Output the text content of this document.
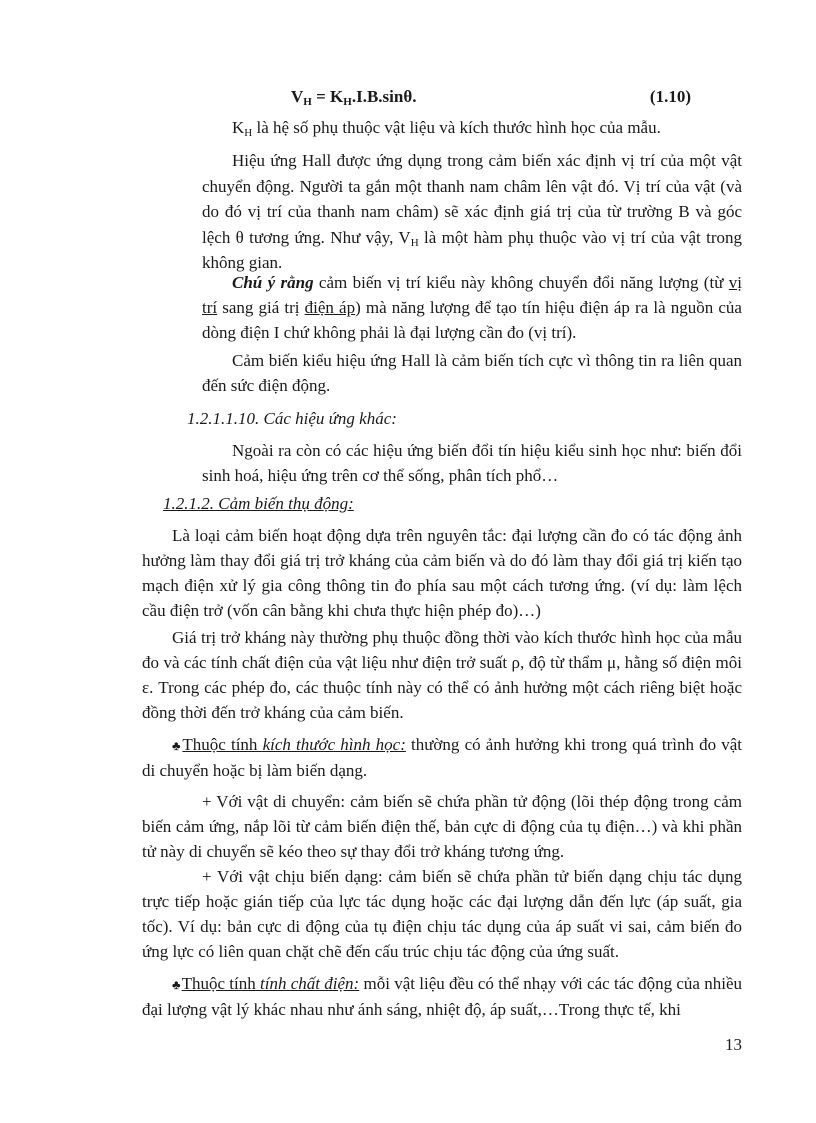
$V_H = K_H.I.B.\sin\theta$.	(1.10)
$K_H$ là hệ số phụ thuộc vật liệu và kích thước hình học của mẫu.
Hiệu ứng Hall được ứng dụng trong cảm biến xác định vị trí của một vật chuyển động. Người ta gắn một thanh nam châm lên vật đó. Vị trí của vật (và do đó vị trí của thanh nam châm) sẽ xác định giá trị của từ trường B và góc lệch θ tương ứng. Như vậy, $V_H$ là một hàm phụ thuộc vào vị trí của vật trong không gian.
Chú ý rằng cảm biến vị trí kiểu này không chuyển đổi năng lượng (từ vị trí sang giá trị điện áp) mà năng lượng để tạo tín hiệu điện áp ra là nguồn của dòng điện I chứ không phải là đại lượng cần đo (vị trí).
Cảm biến kiểu hiệu ứng Hall là cảm biến tích cực vì thông tin ra liên quan đến sức điện động.
1.2.1.1.10. Các hiệu ứng khác:
Ngoài ra còn có các hiệu ứng biến đổi tín hiệu kiểu sinh học như: biến đổi sinh hoá, hiệu ứng trên cơ thể sống, phân tích phổ…
1.2.1.2. Cảm biến thụ động:
Là loại cảm biến hoạt động dựa trên nguyên tắc: đại lượng cần đo có tác động ảnh hưởng làm thay đổi giá trị trở kháng của cảm biến và do đó làm thay đổi giá trị kiến tạo mạch điện xử lý gia công thông tin đo phía sau một cách tương ứng. (ví dụ: làm lệch cầu điện trở (vốn cân bằng khi chưa thực hiện phép đo)…)
Giá trị trở kháng này thường phụ thuộc đồng thời vào kích thước hình học của mẫu đo và các tính chất điện của vật liệu như điện trở suất ρ, độ từ thẩm μ, hằng số điện môi ε. Trong các phép đo, các thuộc tính này có thể có ảnh hưởng một cách riêng biệt hoặc đồng thời đến trở kháng của cảm biến.
♣Thuộc tính kích thước hình học: thường có ảnh hưởng khi trong quá trình đo vật di chuyển hoặc bị làm biến dạng.
+ Với vật di chuyển: cảm biến sẽ chứa phần tử động (lõi thép động trong cảm biến cảm ứng, nắp lõi từ cảm biến điện thế, bản cực di động của tụ điện…) và khi phần tử này di chuyển sẽ kéo theo sự thay đổi trở kháng tương ứng.
+ Với vật chịu biến dạng: cảm biến sẽ chứa phần tử biến dạng chịu tác dụng trực tiếp hoặc gián tiếp của lực tác dụng hoặc các đại lượng dẫn đến lực (áp suất, gia tốc). Ví dụ: bản cực di động của tụ điện chịu tác dụng của áp suất vi sai, cảm biến đo ứng lực có liên quan chặt chẽ đến cấu trúc chịu tác động của ứng suất.
♣Thuộc tính tính chất điện: mỗi vật liệu đều có thể nhạy với các tác động của nhiều đại lượng vật lý khác nhau như ánh sáng, nhiệt độ, áp suất,…Trong thực tế, khi
13
